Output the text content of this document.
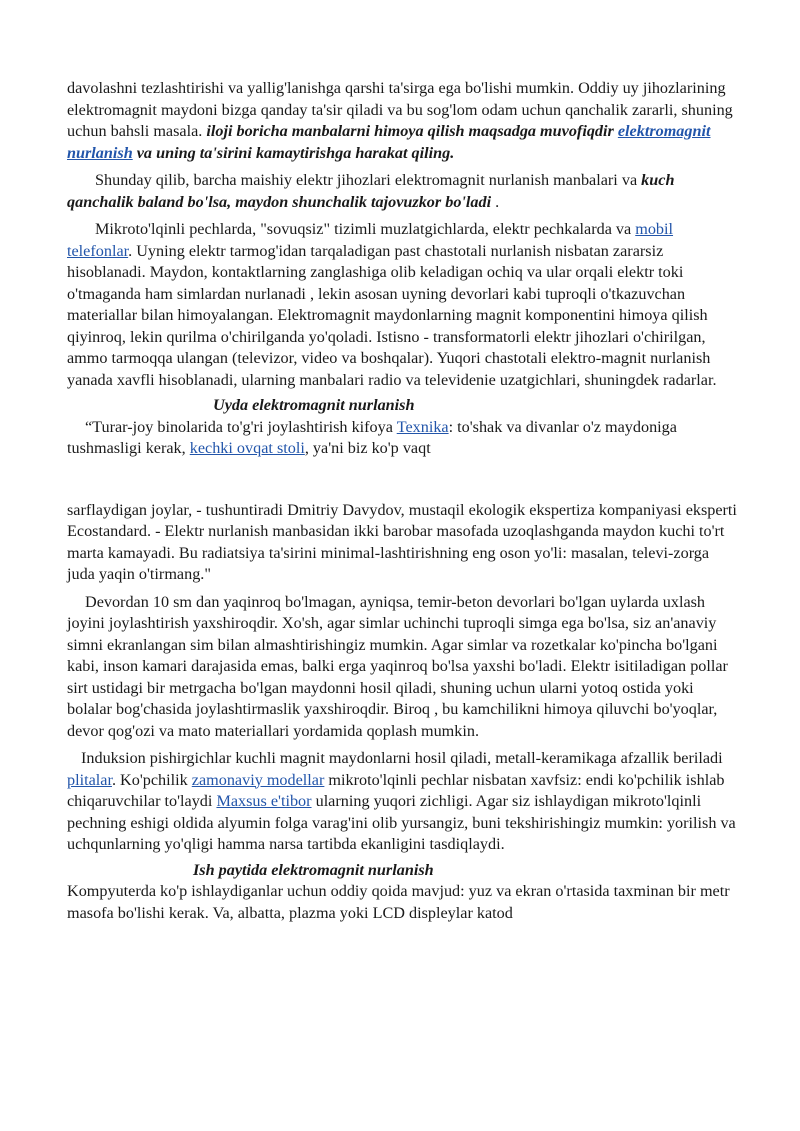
davolashni tezlashtirishi va yallig'lanishga qarshi ta'sirga ega bo'lishi mumkin. Oddiy uy jihozlarining elektromagnit maydoni bizga qanday ta'sir qiladi va bu sog'lom odam uchun qanchalik zararli, shuning uchun bahsli masala. iloji boricha manbalarni himoya qilish maqsadga muvofiqdir elektromagnit nurlanish va uning ta'sirini kamaytirishga harakat qiling.

Shunday qilib, barcha maishiy elektr jihozlari elektromagnit nurlanish manbalari va kuch qanchalik baland bo'lsa, maydon shunchalik tajovuzkor bo'ladi .

Mikroto'lqinli pechlarda, "sovuqsiz" tizimli muzlatgichlarda, elektr pechkalarda va mobil telefonlar. Uyning elektr tarmog'idan tarqaladigan past chastotali nurlanish nisbatan zararsiz hisoblanadi. Maydon, kontaktlarning zanglashiga olib keladigan ochiq va ular orqali elektr toki o'tmaganda ham simlardan nurlanadi , lekin asosan uyning devorlari kabi tuproqli o'tkazuvchan materiallar bilan himoyalangan. Elektromagnit maydonlarning magnit komponentini himoya qilish qiyinroq, lekin qurilma o'chirilganda yo'qoladi. Istisno - transformatorli elektr jihozlari o'chirilgan, ammo tarmoqqa ulangan (televizor, video va boshqalar). Yuqori chastotali elektro-magnit nurlanish yanada xavfli hisoblanadi, ularning manbalari radio va televidenie uzatgichlari, shuningdek radarlar.

Uyda elektromagnit nurlanish

“Turar-joy binolarida to'g'ri joylashtirish kifoya Texnika: to'shak va divanlar o'z maydoniga tushmasligi kerak, kechki ovqat stoli, ya'ni biz ko'p vaqt

sarflaydigan joylar, - tushuntiradi Dmitriy Davydov, mustaqil ekologik ekspertiza kompaniyasi eksperti Ecostandard. - Elektr nurlanish manbasidan ikki barobar masofada uzoqlashganda maydon kuchi to'rt marta kamayadi. Bu radiatsiya ta'sirini minimal-lashtirishning eng oson yo'li: masalan, televi-zorga juda yaqin o'tirmang."

Devordan 10 sm dan yaqinroq bo'lmagan, ayniqsa, temir-beton devorlari bo'lgan uylarda uxlash joyini joylashtirish yaxshiroqdir. Xo'sh, agar simlar uchinchi tuproqli simga ega bo'lsa, siz an'anaviy simni ekranlangan sim bilan almashtirishingiz mumkin. Agar simlar va rozetkalar ko'pincha bo'lgani kabi, inson kamari darajasida emas, balki erga yaqinroq bo'lsa yaxshi bo'ladi. Elektr isitiladigan pollar sirt ustidagi bir metrgacha bo'lgan maydonni hosil qiladi, shuning uchun ularni yotoq ostida yoki bolalar bog'chasida joylashtirmaslik yaxshiroqdir. Biroq , bu kamchilikni himoya qiluvchi bo'yoqlar, devor qog'ozi va mato materiallari yordamida qoplash mumkin.

Induksion pishirgichlar kuchli magnit maydonlarni hosil qiladi, metall-keramikaga afzallik beriladi plitalar. Ko'pchilik zamonaviy modellar mikroto'lqinli pechlar nisbatan xavfsiz: endi ko'pchilik ishlab chiqaruvchilar to'laydi Maxsus e'tibor ularning yuqori zichligi. Agar siz ishlaydigan mikroto'lqinli pechning eshigi oldida alyumin folga varag'ini olib yursangiz, buni tekshirishingiz mumkin: yorilish va uchqunlarning yo'qligi hamma narsa tartibda ekanligini tasdiqlaydi.

Ish paytida elektromagnit nurlanish

Kompyuterda ko'p ishlaydiganlar uchun oddiy qoida mavjud: yuz va ekran o'rtasida taxminan bir metr masofa bo'lishi kerak. Va, albatta, plazma yoki LCD displeylar katod
